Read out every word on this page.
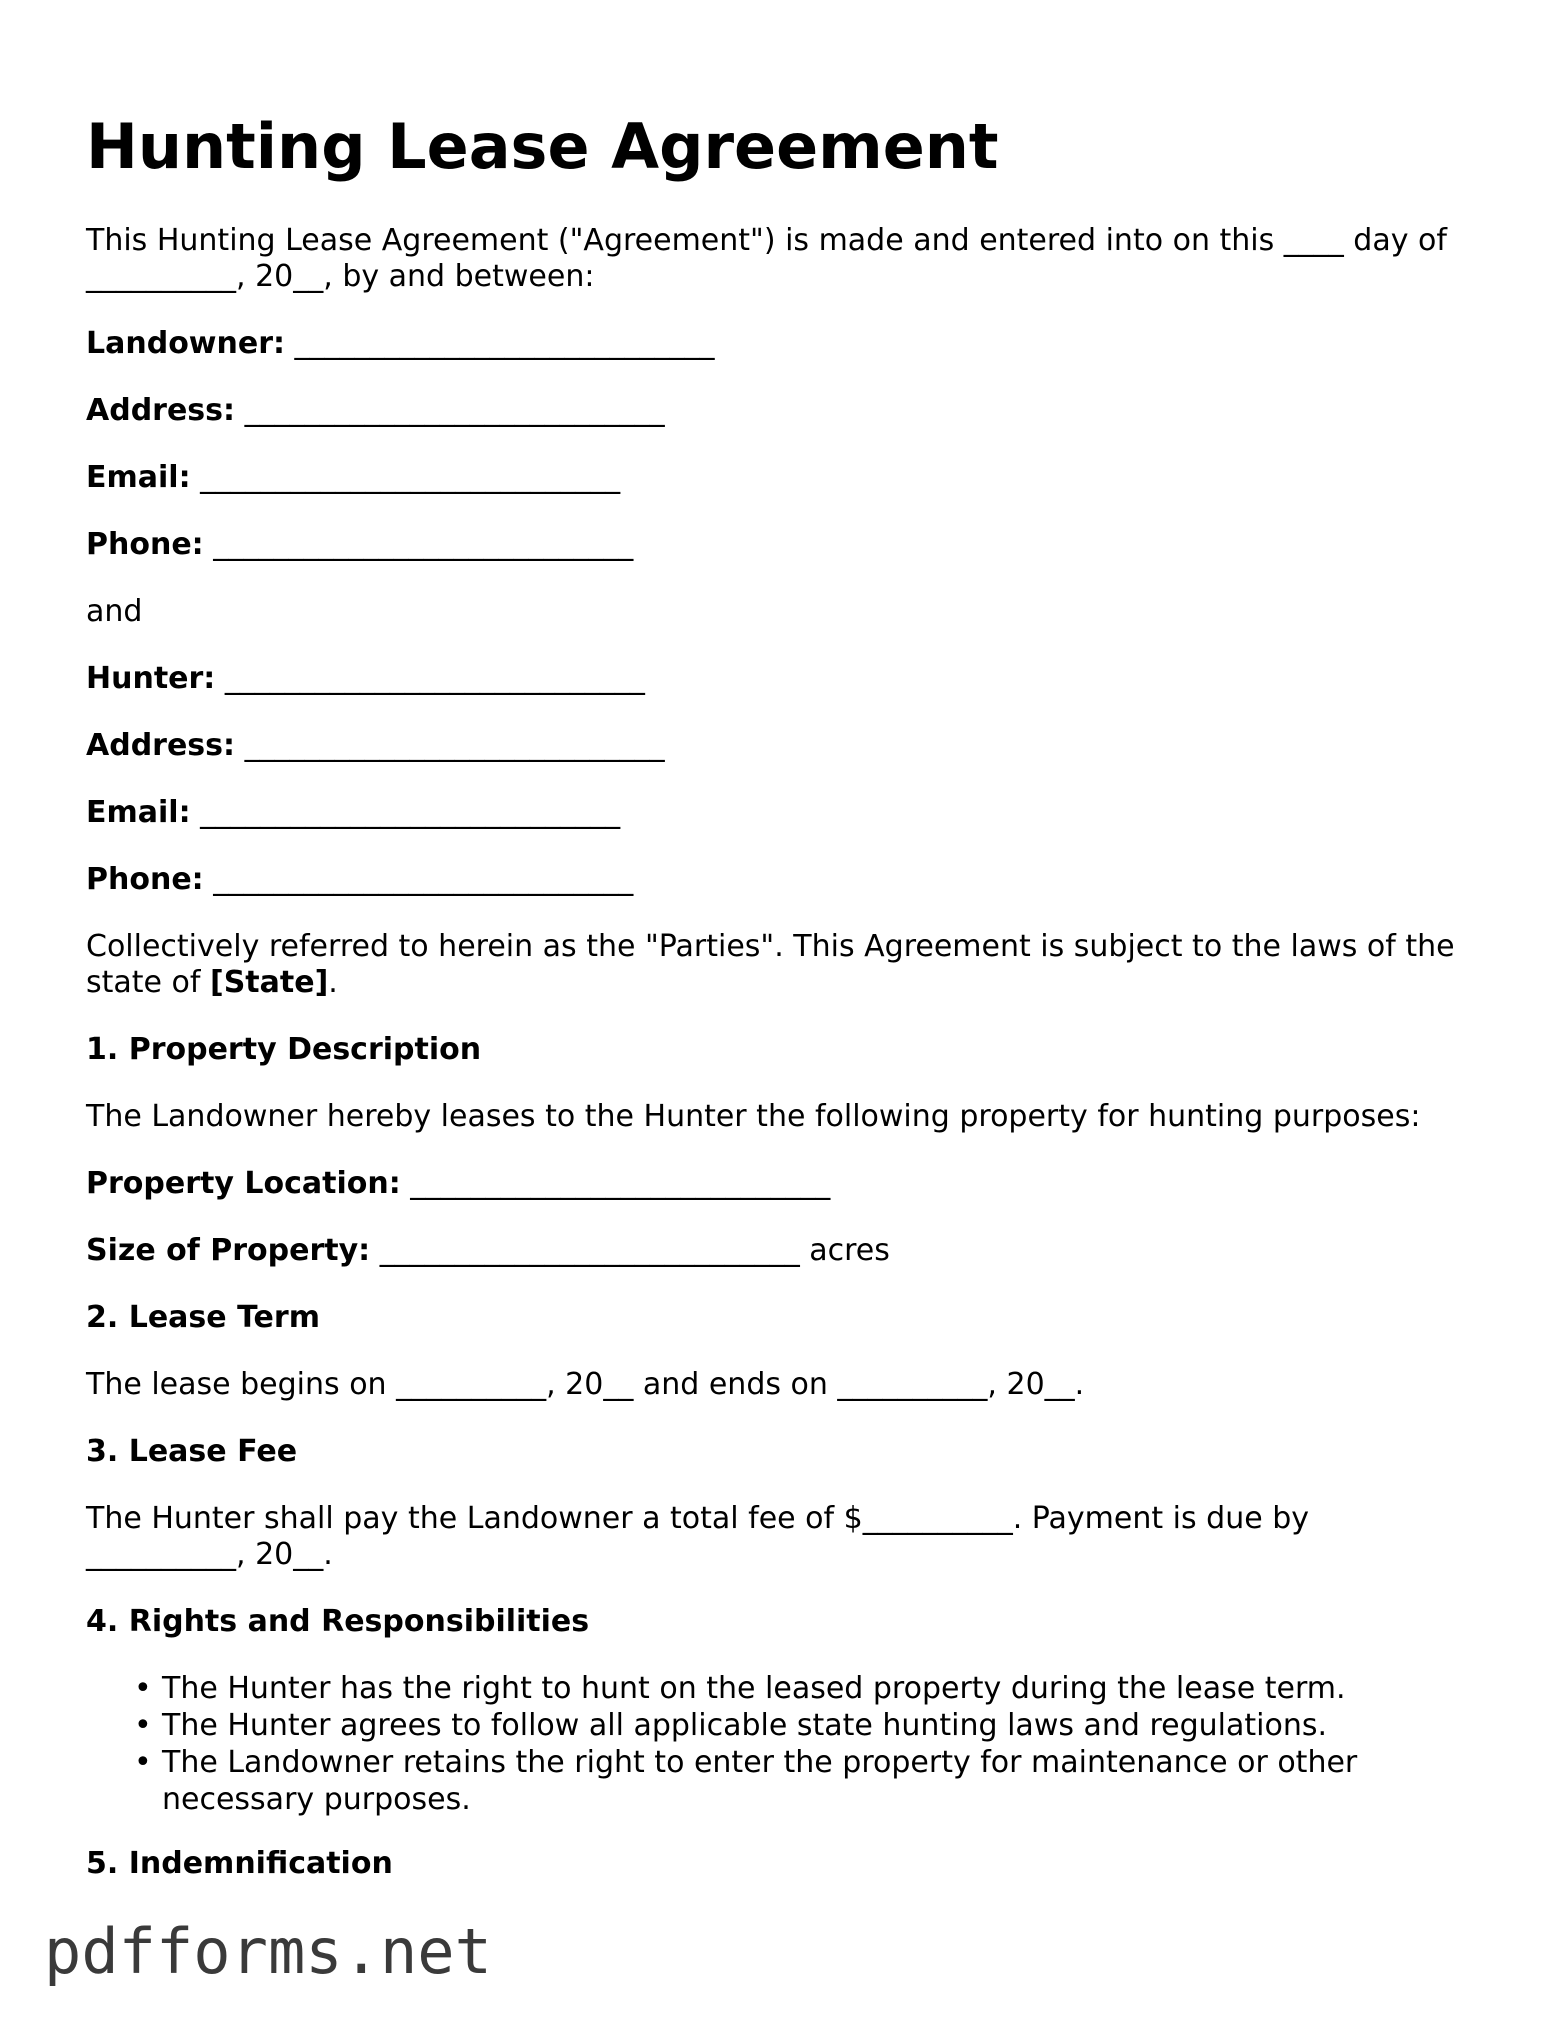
Hunting Lease Agreement

This Hunting Lease Agreement ("Agreement") is made and entered into on this ____ day of

__________, 20__, by and between:

Landowner: ____________________________

Address: ____________________________

Email: ____________________________

Phone: ____________________________

and

Hunter: ____________________________

Address: ____________________________

Email: ____________________________

Phone: ____________________________

Collectively referred to herein as the "Parties". This Agreement is subject to the laws of the

state of [State].

1. Property Description

The Landowner hereby leases to the Hunter the following property for hunting purposes:

Property Location: ____________________________

Size of Property: ____________________________ acres

2. Lease Term

The lease begins on __________, 20__ and ends on __________, 20__.

3. Lease Fee

The Hunter shall pay the Landowner a total fee of $__________. Payment is due by

__________, 20__.

4. Rights and Responsibilities
• The Hunter has the right to hunt on the leased property during the lease term.
• The Hunter agrees to follow all applicable state hunting laws and regulations.
• The Landowner retains the right to enter the property for maintenance or other
necessary purposes.
5. Indemnification
pdfforms.net
